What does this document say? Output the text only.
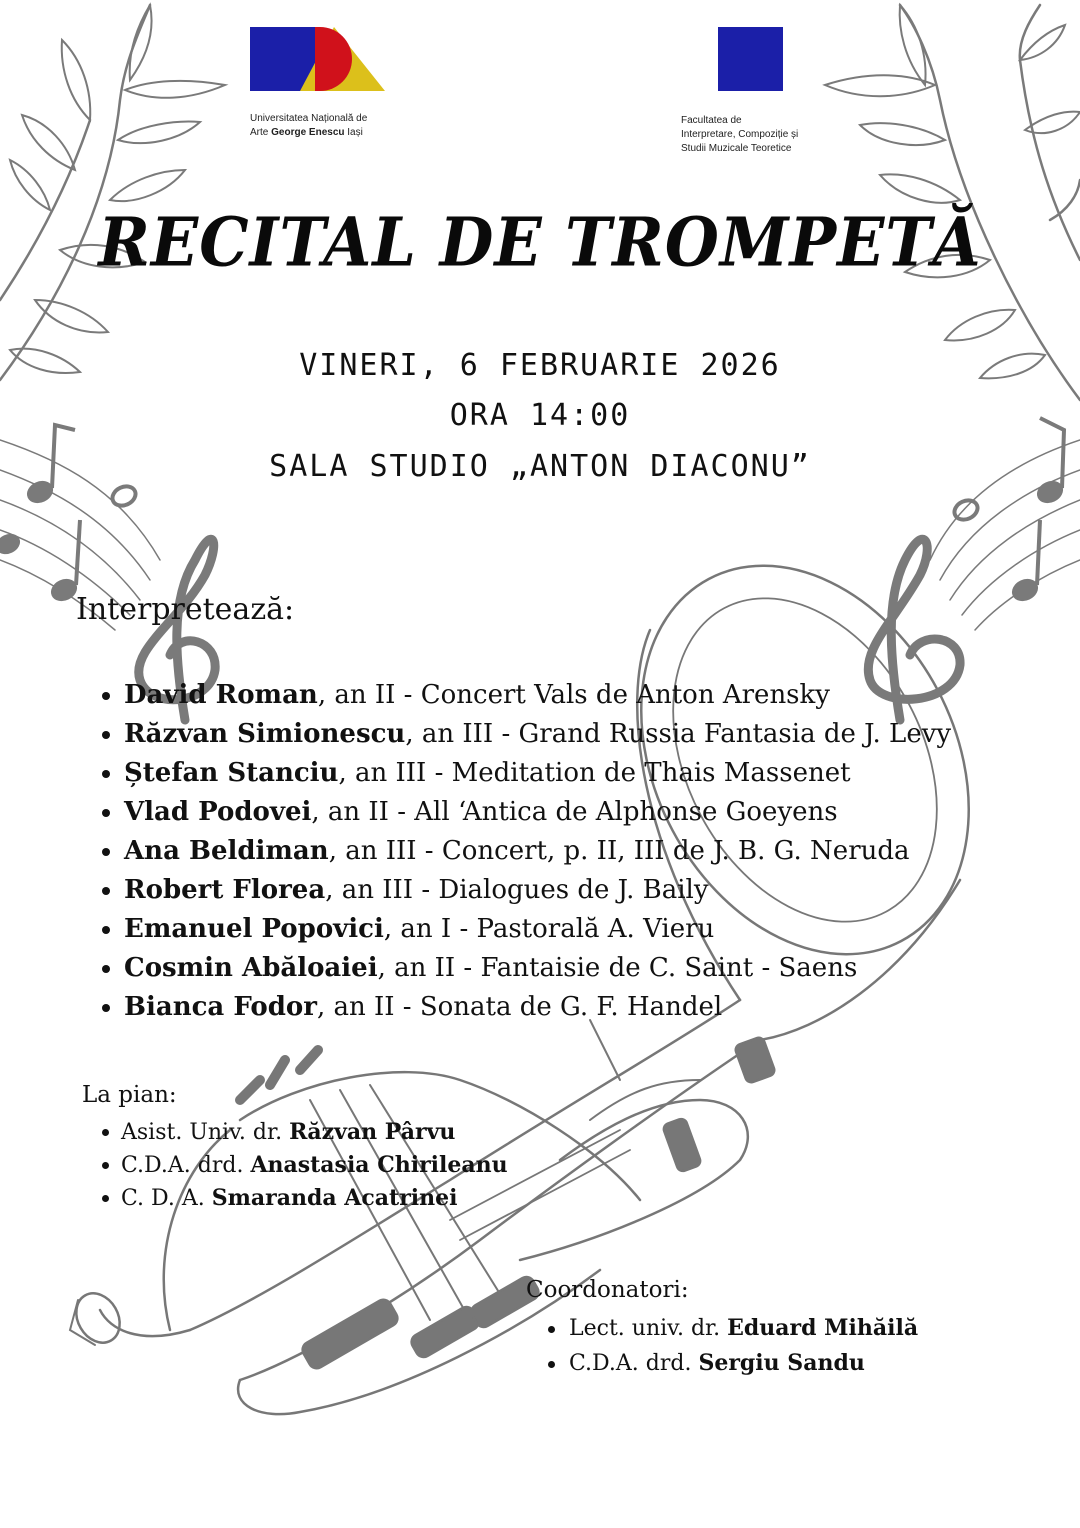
Universitatea Națională de
Arte George Enescu Iași
Facultatea de
Interpretare, Compoziție și
Studii Muzicale Teoretice
RECITAL DE TROMPETĂ
VINERI, 6 FEBRUARIE 2026
ORA 14:00
SALA STUDIO „ANTON DIACONU”
Interpretează:
David Roman, an II - Concert Vals de Anton Arensky
Răzvan Simionescu, an III - Grand Russia Fantasia de J. Levy
Ștefan Stanciu, an III - Meditation de Thais Massenet
Vlad Podovei, an II - All ‘Antica de Alphonse Goeyens
Ana Beldiman, an III - Concert, p. II, III de J. B. G. Neruda
Robert Florea, an III - Dialogues de J. Baily
Emanuel Popovici, an I - Pastorală A. Vieru
Cosmin Abăloaiei, an II - Fantaisie de C. Saint - Saens
Bianca Fodor, an II - Sonata de G. F. Handel
La pian:
Asist. Univ. dr. Răzvan Pârvu
C.D.A. drd. Anastasia Chirileanu
C. D. A. Smaranda Acatrinei
Coordonatori:
Lect. univ. dr. Eduard Mihăilă
C.D.A. drd. Sergiu Sandu
